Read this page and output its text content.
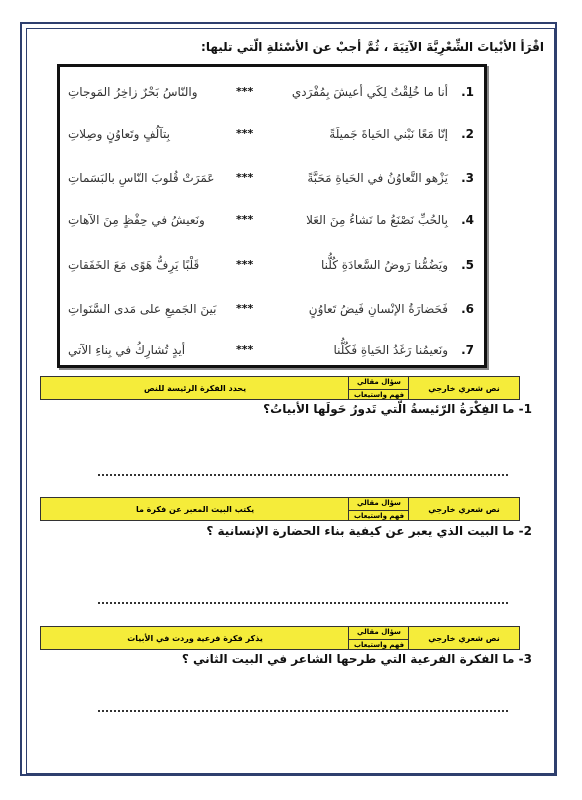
اقْرَأ الأبْياتَ الشِّعْرِيَّةَ الآتِيَةَ ، ثُمَّ أجبْ عن الأسْئلةِ الّتي تليها:
1.
أنا ما خُلِقْتُ لِكَي أعيشَ بِمُفْرَدي
***
والنّاسُ بَحْرٌ زاخِرُ المَوجاتِ
2.
إنّا مَعًا نَبْني الحَياةَ جَميلَةً
***
بِتآلُفٍ وتَعاوُنٍ وصِلاتِ
3.
يَزْهو التَّعاوُنُ في الحَياةِ مَحَبَّةً
***
عَمَرَتْ قُلوبَ النّاسِ بالبَسَماتِ
4.
بِالحُبِّ نَصْنَعُ ما نَشاءُ مِنَ العَلا
***
ونَعيشُ في حِفْظٍ مِنَ الآهاتِ
5.
ويَضُمُّنا رَوضُ السَّعادَةِ كُلُّنا
***
قَلْبًا يَرِفُّ هَوًى مَعَ الخَفَقاتِ
6.
فَحَضارَةُ الإنْسانِ فَيضُ تَعاوُنٍ
***
بَينَ الجَميعِ على مَدى السَّنَواتِ
7.
ونَعيمُنا رَغَدُ الحَياةِ فَكُلُّنا
***
أيدٍ تُشارِكُ في بِناءِ الآتي
نص شعري خارجي
سؤال مقالي
فهم واستيعاب
يحدد الفكرة الرئيسة للنص
1- ما الفِكْرَةُ الرّئيسةُ الّتي تَدورُ حَولَها الأبياتُ؟
نص شعري خارجي
سؤال مقالي
فهم واستيعاب
يكتب البيت المعبر عن فكرة ما
2- ما البيت الذي يعبر عن كيفية بناء الحضارة الإنسانية ؟
نص شعري خارجي
سؤال مقالي
فهم واستيعاب
يذكر فكرة فرعية وردت في الأبيات
3- ما الفكرة الفرعية التي طرحها الشاعر في البيت الثاني ؟
